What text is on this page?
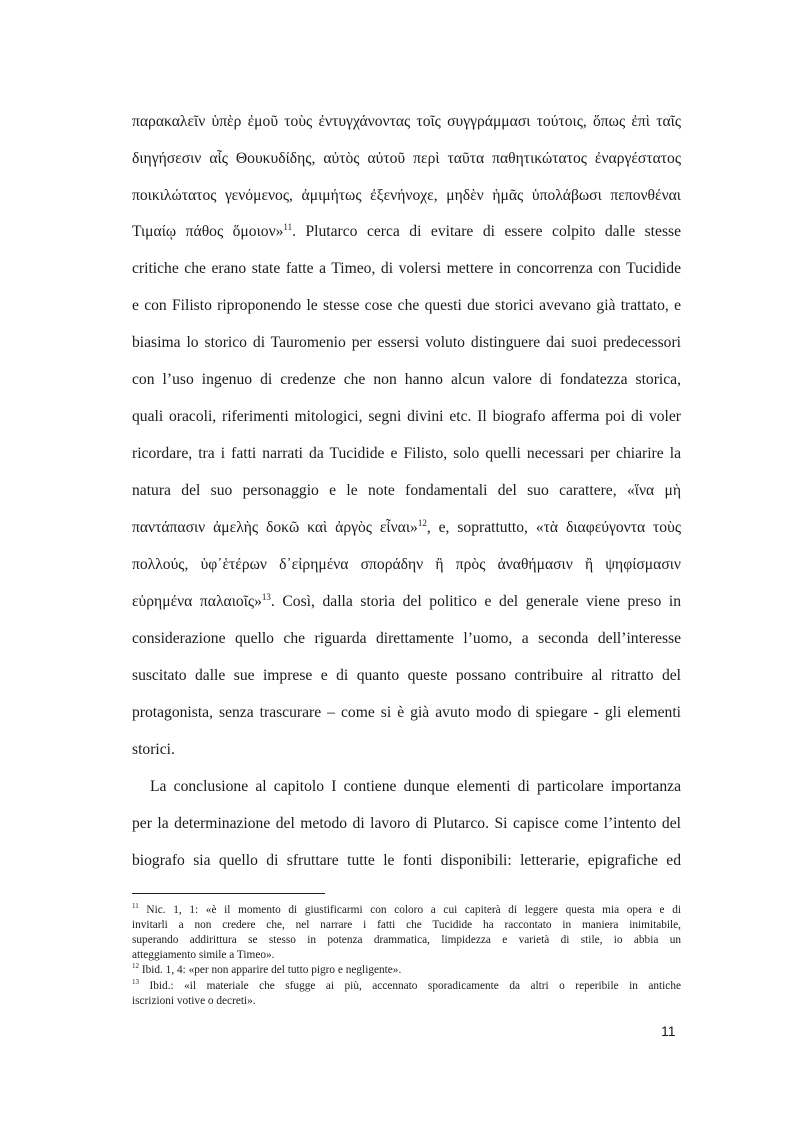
παρακαλεῖν ὑπὲρ ἐμοῦ τοὺς ἐντυγχάνοντας τοῖς συγγράμμασι τούτοις, ὅπως ἐπὶ ταῖς
διηγήσεσιν αἷς Θουκυδίδης, αὐτὸς αὐτοῦ περὶ ταῦτα παθητικώτατος ἐναργέστατος
ποικιλώτατος γενόμενος, ἀμιμήτως ἐξενήνοχε, μηδὲν ἡμᾶς ὑπολάβωσι πεπονθέναι
Τιμαίῳ πάθος ὅμοιον»$^{11}$. Plutarco cerca di evitare di essere colpito dalle stesse
critiche che erano state fatte a Timeo, di volersi mettere in concorrenza con Tucidide
e con Filisto riproponendo le stesse cose che questi due storici avevano già trattato, e
biasima lo storico di Tauromenio per essersi voluto distinguere dai suoi predecessori
con l’uso ingenuo di credenze che non hanno alcun valore di fondatezza storica,
quali oracoli, riferimenti mitologici, segni divini etc. Il biografo afferma poi di voler
ricordare, tra i fatti narrati da Tucidide e Filisto, solo quelli necessari per chiarire la
natura del suo personaggio e le note fondamentali del suo carattere, «ἵνα μὴ
παντάπασιν ἀμελὴς δοκῶ καὶ ἀργὸς εἶναι»$^{12}$, e, soprattutto, «τὰ διαφεύγοντα τοὺς
πολλούς, ὑφ᾽ἑτέρων δ᾽εἰρημένα σποράδην ἢ πρὸς ἀναθήμασιν ἢ ψηφίσμασιν
εὑρημένα παλαιοῖς»$^{13}$. Così, dalla storia del politico e del generale viene preso in
considerazione quello che riguarda direttamente l’uomo, a seconda dell’interesse
suscitato dalle sue imprese e di quanto queste possano contribuire al ritratto del
protagonista, senza trascurare – come si è già avuto modo di spiegare - gli elementi
storici.
La conclusione al capitolo I contiene dunque elementi di particolare importanza
per la determinazione del metodo di lavoro di Plutarco. Si capisce come l’intento del
biografo sia quello di sfruttare tutte le fonti disponibili: letterarie, epigrafiche ed
$^{11}$ Nic. 1, 1: «è il momento di giustificarmi con coloro a cui capiterà di leggere questa mia opera e di
invitarli a non credere che, nel narrare i fatti che Tucidide ha raccontato in maniera inimitabile,
superando addirittura se stesso in potenza drammatica, limpidezza e varietà di stile, io abbia un
atteggiamento simile a Timeo».
$^{12}$ Ibid. 1, 4: «per non apparire del tutto pigro e negligente».
$^{13}$ Ibid.: «il materiale che sfugge ai più, accennato sporadicamente da altri o reperibile in antiche
iscrizioni votive o decreti».
11
